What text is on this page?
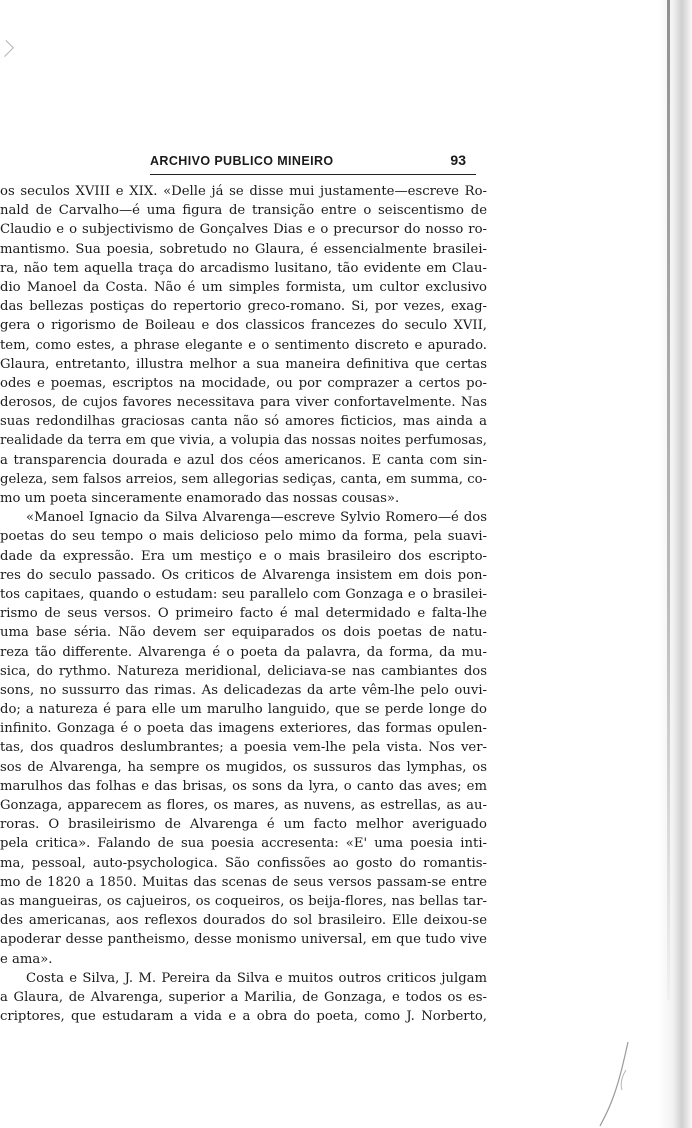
ARCHIVO PUBLICO MINEIRO	93
os seculos XVIII e XIX. «Delle já se disse mui justamente—escreve Ro-
nald de Carvalho—é uma figura de transição entre o seiscentismo de
Claudio e o subjectivismo de Gonçalves Dias e o precursor do nosso ro-
mantismo. Sua poesia, sobretudo no Glaura, é essencialmente brasilei-
ra, não tem aquella traça do arcadismo lusitano, tão evidente em Clau-
dio Manoel da Costa. Não é um simples formista, um cultor exclusivo
das bellezas postiças do repertorio greco-romano. Si, por vezes, exag-
gera o rigorismo de Boileau e dos classicos francezes do seculo XVII,
tem, como estes, a phrase elegante e o sentimento discreto e apurado.
Glaura, entretanto, illustra melhor a sua maneira definitiva que certas
odes e poemas, escriptos na mocidade, ou por comprazer a certos po-
derosos, de cujos favores necessitava para viver confortavelmente. Nas
suas redondilhas graciosas canta não só amores ficticios, mas ainda a
realidade da terra em que vivia, a volupia das nossas noites perfumosas,
a transparencia dourada e azul dos céos americanos. E canta com sin-
geleza, sem falsos arreios, sem allegorias sediças, canta, em summa, co-
mo um poeta sinceramente enamorado das nossas cousas».
«Manoel Ignacio da Silva Alvarenga—escreve Sylvio Romero—é dos
poetas do seu tempo o mais delicioso pelo mimo da forma, pela suavi-
dade da expressão. Era um mestiço e o mais brasileiro dos escripto-
res do seculo passado. Os criticos de Alvarenga insistem em dois pon-
tos capitaes, quando o estudam: seu parallelo com Gonzaga e o brasilei-
rismo de seus versos. O primeiro facto é mal determidado e falta-lhe
uma base séria. Não devem ser equiparados os dois poetas de natu-
reza tão differente. Alvarenga é o poeta da palavra, da forma, da mu-
sica, do rythmo. Natureza meridional, deliciava-se nas cambiantes dos
sons, no sussurro das rimas. As delicadezas da arte vêm-lhe pelo ouvi-
do; a natureza é para elle um marulho languido, que se perde longe do
infinito. Gonzaga é o poeta das imagens exteriores, das formas opulen-
tas, dos quadros deslumbrantes; a poesia vem-lhe pela vista. Nos ver-
sos de Alvarenga, ha sempre os mugidos, os sussuros das lymphas, os
marulhos das folhas e das brisas, os sons da lyra, o canto das aves; em
Gonzaga, apparecem as flores, os mares, as nuvens, as estrellas, as au-
roras. O brasileirismo de Alvarenga é um facto melhor averiguado
pela critica». Falando de sua poesia accresenta: «E' uma poesia inti-
ma, pessoal, auto-psychologica. São confissões ao gosto do romantis-
mo de 1820 a 1850. Muitas das scenas de seus versos passam-se entre
as mangueiras, os cajueiros, os coqueiros, os beija-flores, nas bellas tar-
des americanas, aos reflexos dourados do sol brasileiro. Elle deixou-se
apoderar desse pantheismo, desse monismo universal, em que tudo vive
e ama».
Costa e Silva, J. M. Pereira da Silva e muitos outros criticos julgam
a Glaura, de Alvarenga, superior a Marilia, de Gonzaga, e todos os es-
criptores, que estudaram a vida e a obra do poeta, como J. Norberto,
